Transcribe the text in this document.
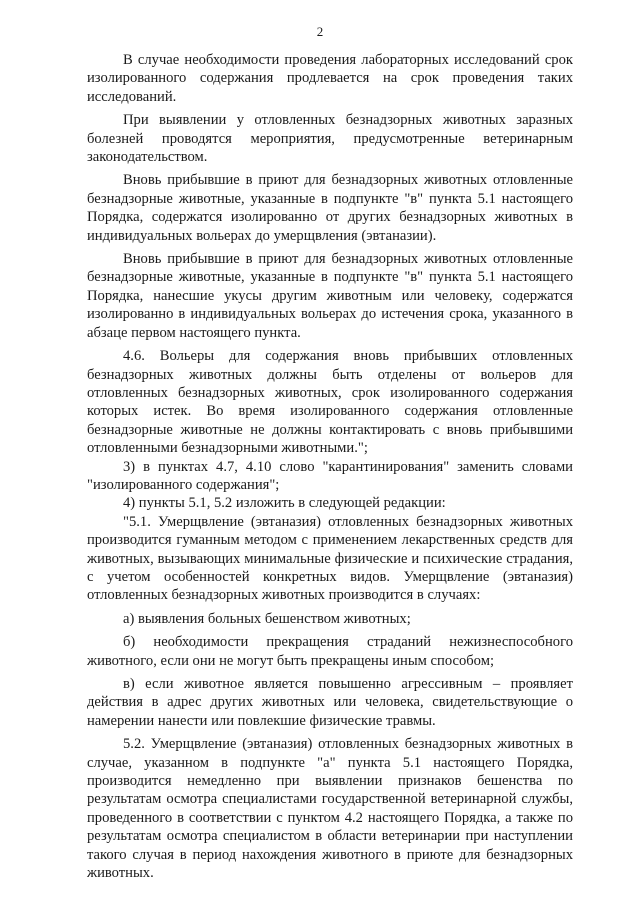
2

В случае необходимости проведения лабораторных исследований срок изолированного содержания продлевается на срок проведения таких исследований.

При выявлении у отловленных безнадзорных животных заразных болезней проводятся мероприятия, предусмотренные ветеринарным законодательством.

Вновь прибывшие в приют для безнадзорных животных отловленные безнадзорные животные, указанные в подпункте "в" пункта 5.1 настоящего Порядка, содержатся изолированно от других безнадзорных животных в индивидуальных вольерах до умерщвления (эвтаназии).

Вновь прибывшие в приют для безнадзорных животных отловленные безнадзорные животные, указанные в подпункте "в" пункта 5.1 настоящего Порядка, нанесшие укусы другим животным или человеку, содержатся изолированно в индивидуальных вольерах до истечения срока, указанного в абзаце первом настоящего пункта.

4.6. Вольеры для содержания вновь прибывших отловленных безнадзорных животных должны быть отделены от вольеров для отловленных безнадзорных животных, срок изолированного содержания которых истек. Во время изолированного содержания отловленные безнадзорные животные не должны контактировать с вновь прибывшими отловленными безнадзорными животными.";

3) в пунктах 4.7, 4.10 слово "карантинирования" заменить словами "изолированного содержания";

4) пункты 5.1, 5.2 изложить в следующей редакции:

"5.1. Умерщвление (эвтаназия) отловленных безнадзорных животных производится гуманным методом с применением лекарственных средств для животных, вызывающих минимальные физические и психические страдания, с учетом особенностей конкретных видов. Умерщвление (эвтаназия) отловленных безнадзорных животных производится в случаях:

а) выявления больных бешенством животных;

б) необходимости прекращения страданий нежизнеспособного животного, если они не могут быть прекращены иным способом;

в) если животное является повышенно агрессивным – проявляет действия в адрес других животных или человека, свидетельствующие о намерении нанести или повлекшие физические травмы.

5.2. Умерщвление (эвтаназия) отловленных безнадзорных животных в случае, указанном в подпункте "а" пункта 5.1 настоящего Порядка, производится немедленно при выявлении признаков бешенства по результатам осмотра специалистами государственной ветеринарной службы, проведенного в соответствии с пунктом 4.2 настоящего Порядка, а также по результатам осмотра специалистом в области ветеринарии при наступлении такого случая в период нахождения животного в приюте для безнадзорных животных.
